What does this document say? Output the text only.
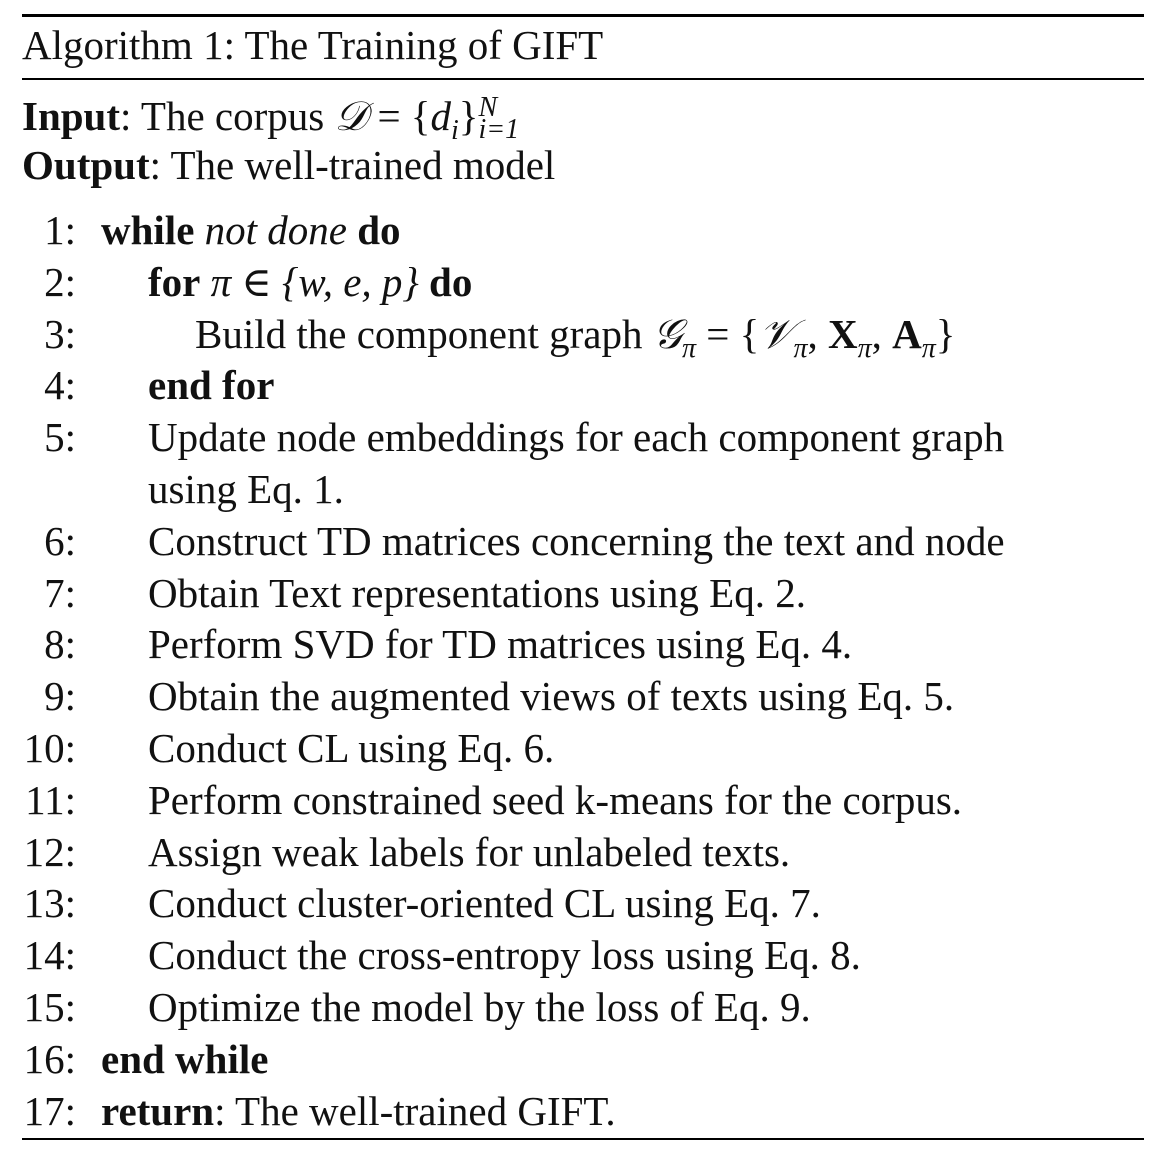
Algorithm 1: The Training of GIFT
Input: The corpus 𝒟 = $\{d_i\}$ N
i=1
Output: The well-trained model
1: while not done do
2: for π ∈ {w, e, p} do
3:	Build the component graph 𝒢$_\pi$ = {𝒱$_\pi$, $X_\pi$, $A_\pi$}
4: end for
5: Update node embeddings for each component graph
using Eq. 1.
6: Construct TD matrices concerning the text and node
7: Obtain Text representations using Eq. 2.
8: Perform SVD for TD matrices using Eq. 4.
9: Obtain the augmented views of texts using Eq. 5.
10: Conduct CL using Eq. 6.
11: Perform constrained seed k-means for the corpus.
12: Assign weak labels for unlabeled texts.
13: Conduct cluster-oriented CL using Eq. 7.
14: Conduct the cross-entropy loss using Eq. 8.
15: Optimize the model by the loss of Eq. 9.
16: end while
17: return: The well-trained GIFT.
